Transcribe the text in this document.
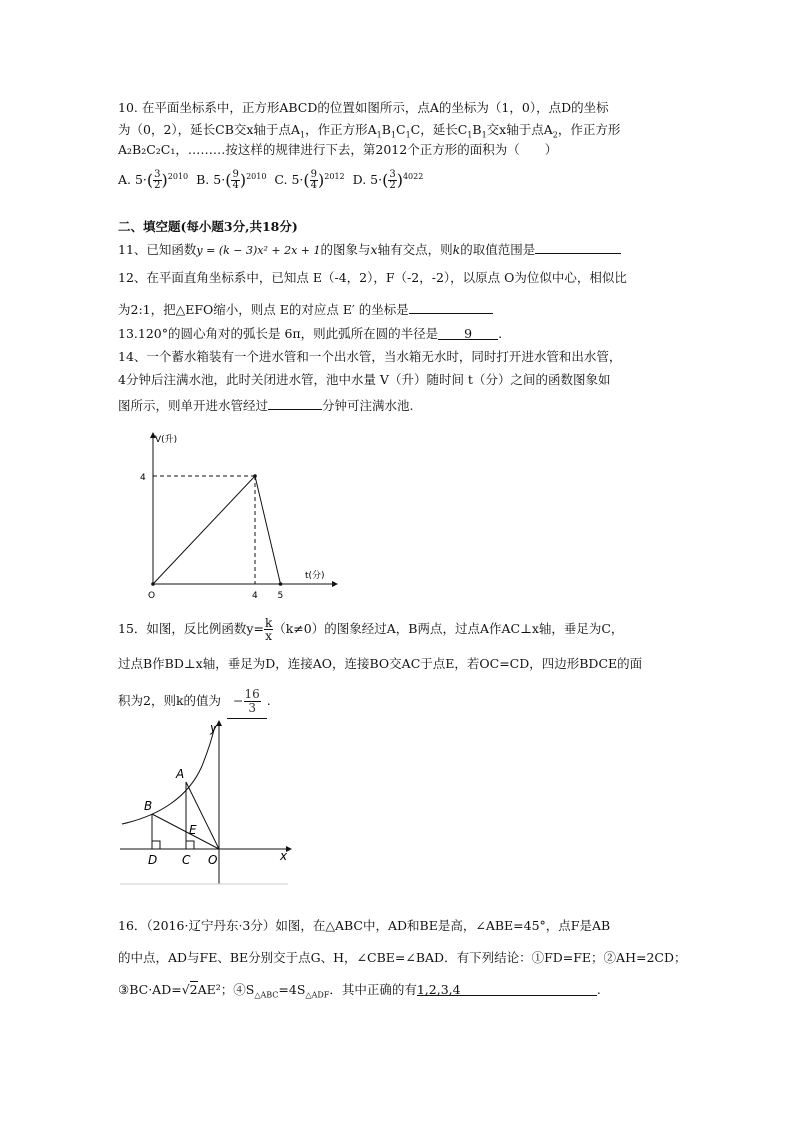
10. 在平面坐标系中，正方形ABCD的位置如图所示，点A的坐标为（1，0），点D的坐标
为（0，2），延长CB交x轴于点$A_1$，作正方形$A_1B_1C_1C$，延长$C_1B_1$交x轴于点$A_2$，作正方形
A₂B₂C₂C₁，………按这样的规律进行下去，第2012个正方形的面积为（　　）
A. $5\cdot( \frac{3}{2} )^{2010}$ B. $5\cdot( \frac{9}{4} )^{2010}$ C. $5\cdot( \frac{9}{4} )^{2012}$ D. $5\cdot( \frac{3}{2} )^{4022}$
二、填空题(每小题3分,共18分)
11、已知函数y = (k − 3)x² + 2x + 1的图象与x轴有交点，则k的取值范围是
12、在平面直角坐标系中，已知点 E（-4，2），F（-2，-2），以原点 O为位似中心，相似比
为2:1，把△EFO缩小，则点 E的对应点 E′ 的坐标是
13.120°的圆心角对的弧长是 6π，则此弧所在圆的半径是 9 .
14、一个蓄水箱装有一个进水管和一个出水管，当水箱无水时，同时打开进水管和出水管，
4分钟后注满水池，此时关闭进水管，池中水量 V（升）随时间 t（分）之间的函数图象如
图所示，则单开进水管经过	分钟可注满水池.
V(升)
t(分)
4
O	4 5
15．如图，反比例函数$y= \frac{k}{x} (k\ne 0)$的图象经过A，B两点，过点A作AC⊥x轴，垂足为C，
过点B作BD⊥x轴，垂足为D，连接AO，连接BO交AC于点E，若OC=CD，四边形BDCE的面
积为2，则k的值为 − $\frac{16}{3}$ .
y
x
A
B
E
D C O
16．（2016·辽宁丹东·3分）如图，在△ABC中，AD和BE是高，∠ABE=45°，点F是AB
的中点，AD与FE、BE分别交于点G、H，∠CBE=∠BAD．有下列结论：①FD=FE；②AH=2CD；
③BC·AD=√2AE²；$④S_{\triangle ABC}=4S_{\triangle ADF}$．其中正确的有1,2,3,4	.
